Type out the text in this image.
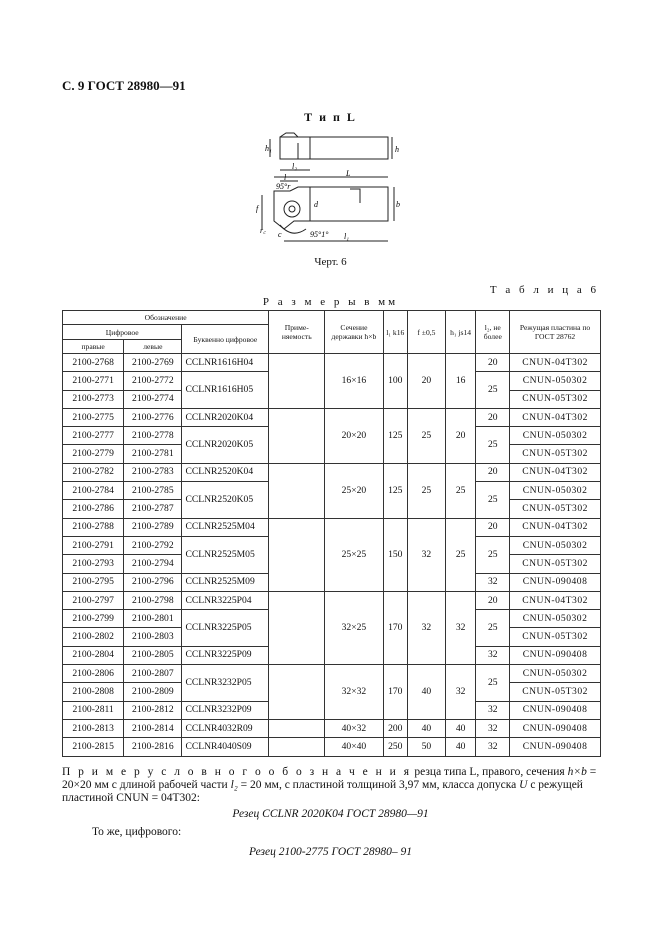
С. 9 ГОСТ 28980—91
Т и п L
h₁	h
l₂
l	L
95°r
f	d	b
r꜀ c	95°1° l₁
Черт. 6
Т а б л и ц а 6
Р а з м е р ы в мм
Обозначение			Приме- няемость	Сечение державки h×b	l₁ k16	f ±0,5	h₁ js14	l₂, не более	Режущая пластина по ГОСТ 28762
Цифровое		Буквенно цифровое							
правые	левые								
2100-2768	2100-2769	CCLNR1616H04		16×16	100	20	16	20	CNUN-04T302
2100-2771	2100-2772	CCLNR1616H05						25	CNUN-050302
2100-2773	2100-2774								CNUN-05T302
2100-2775	2100-2776	CCLNR2020K04		20×20	125	25	20	20	CNUN-04T302
2100-2777	2100-2778	CCLNR2020K05						25	CNUN-050302
2100-2779	2100-2781								CNUN-05T302
2100-2782	2100-2783	CCLNR2520K04		25×20	125	25	25	20	CNUN-04T302
2100-2784	2100-2785	CCLNR2520K05						25	CNUN-050302
2100-2786	2100-2787								CNUN-05T302
2100-2788	2100-2789	CCLNR2525M04		25×25	150	32	25	20	CNUN-04T302
2100-2791	2100-2792	CCLNR2525M05						25	CNUN-050302
2100-2793	2100-2794								CNUN-05T302
2100-2795	2100-2796	CCLNR2525M09						32	CNUN-090408
2100-2797	2100-2798	CCLNR3225P04		32×25	170	32	32	20	CNUN-04T302
2100-2799	2100-2801	CCLNR3225P05						25	CNUN-050302
2100-2802	2100-2803								CNUN-05T302
2100-2804	2100-2805	CCLNR3225P09						32	CNUN-090408
2100-2806	2100-2807	CCLNR3232P05		32×32	170	40	32	25	CNUN-050302
2100-2808	2100-2809								CNUN-05T302
2100-2811	2100-2812	CCLNR3232P09						32	CNUN-090408
2100-2813	2100-2814	CCLNR4032R09		40×32	200	40	40	32	CNUN-090408
2100-2815	2100-2816	CCLNR4040S09		40×40	250	50	40	32	CNUN-090408
П р и м е р у с л о в н о г о о б о з н а ч е н и я резца типа L, правого, сечения h×b = 20×20 мм с длиной рабочей части l₂ = 20 мм, с пластиной толщиной 3,97 мм, класса допуска U с режущей пластиной CNUN = 04T302:
Резец CCLNR 2020K04 ГОСТ 28980—91
То же, цифрового:
Резец 2100-2775 ГОСТ 28980– 91
